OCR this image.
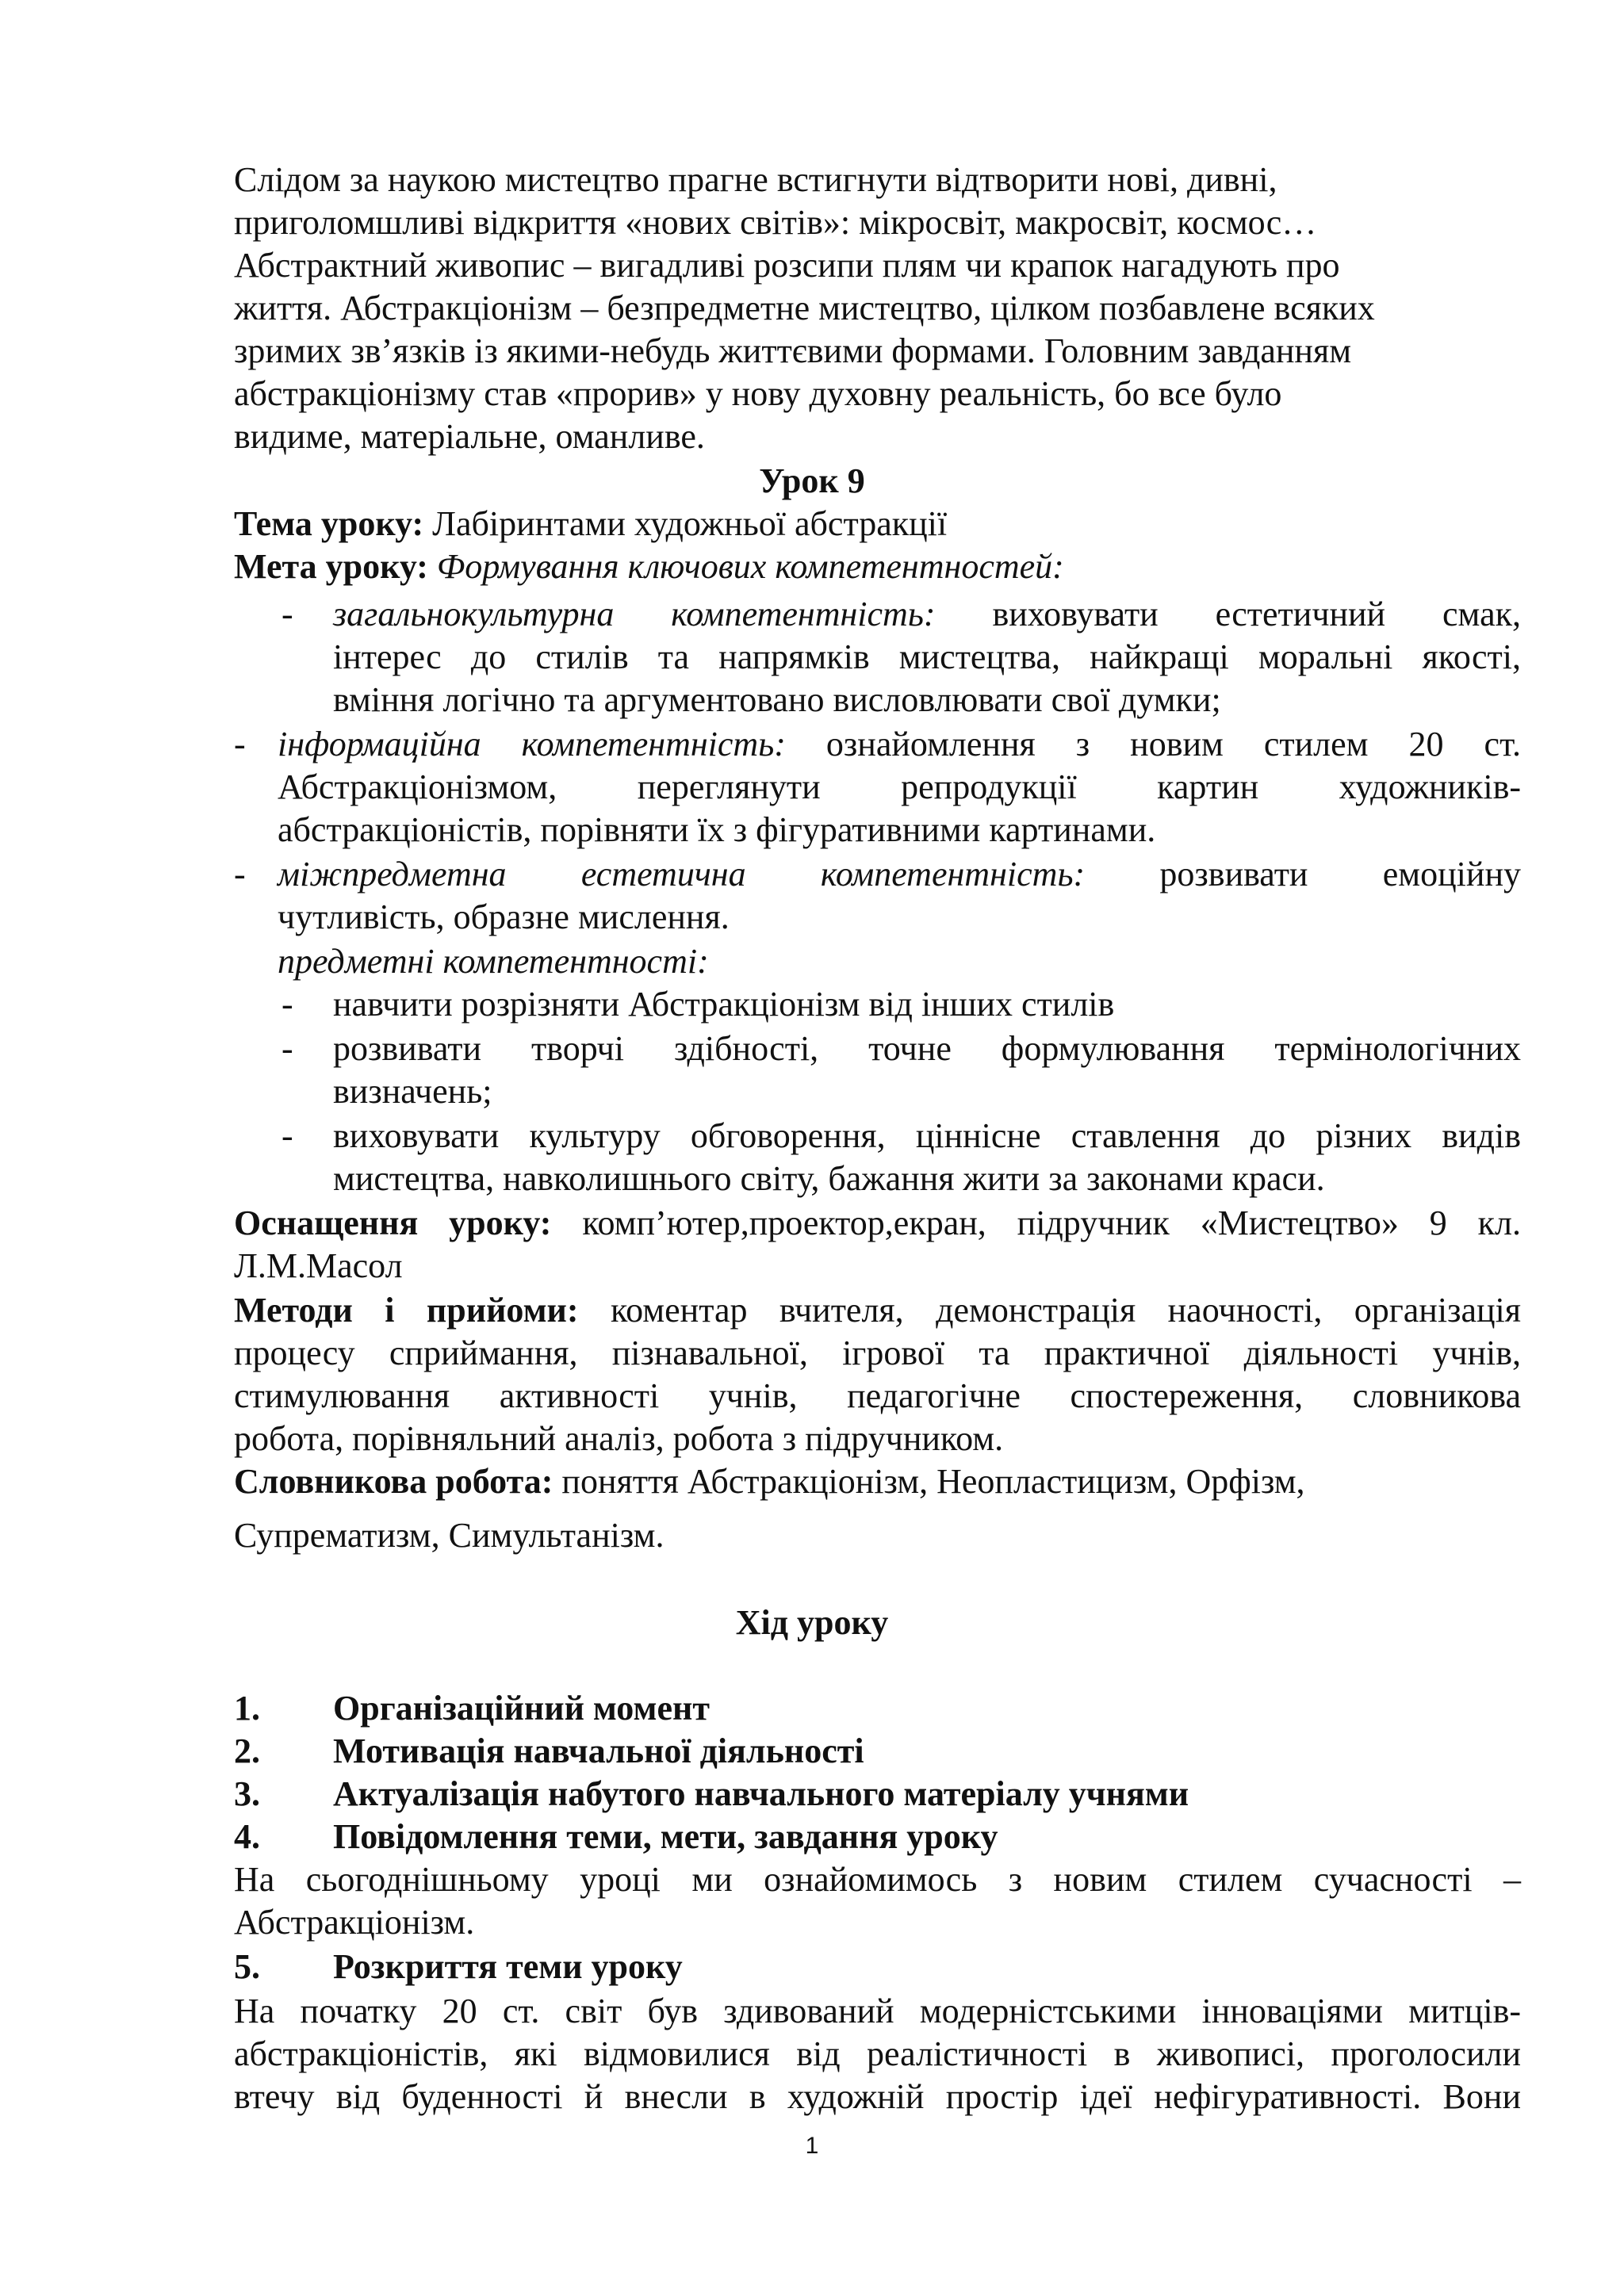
Слідом за наукою мистецтво прагне встигнути відтворити нові, дивні,
приголомшливі відкриття «нових світів»: мікросвіт, макросвіт, космос…
Абстрактний живопис – вигадливі розсипи плям чи крапок нагадують про
життя. Абстракціонізм – безпредметне мистецтво, цілком позбавлене всяких
зримих зв’язків із якими-небудь життєвими формами. Головним завданням
абстракціонізму став «прорив» у нову духовну реальність, бо все було
видиме, матеріальне, оманливе.
Урок 9
Тема уроку: Лабіринтами художньої абстракції
Мета уроку: Формування ключових компетентностей:
- загальнокультурна компетентність: виховувати естетичний смак,
інтерес до стилів та напрямків мистецтва, найкращі моральні якості,
вміння логічно та аргументовано висловлювати свої думки;
- інформаційна компетентність: ознайомлення з новим стилем 20 ст.
Абстракціонізмом, переглянути репродукції картин художників-
абстракціоністів, порівняти їх з фігуративними картинами.
- міжпредметна естетична компетентність: розвивати емоційну
чутливість, образне мислення.
предметні компетентності:
- навчити розрізняти Абстракціонізм від інших стилів
- розвивати творчі здібності, точне формулювання термінологічних
визначень;
- виховувати культуру обговорення, ціннісне ставлення до різних видів
мистецтва, навколишнього світу, бажання жити за законами краси.
Оснащення уроку: комп’ютер,проектор,екран, підручник «Мистецтво» 9 кл.
Л.М.Масол
Методи і прийоми: коментар вчителя, демонстрація наочності, організація
процесу сприймання, пізнавальної, ігрової та практичної діяльності учнів,
стимулювання активності учнів, педагогічне спостереження, словникова
робота, порівняльний аналіз, робота з підручником.
Словникова робота: поняття Абстракціонізм, Неопластицизм, Орфізм,
Супрематизм, Симультанізм.
Хід уроку
1. Організаційний момент
2. Мотивація навчальної діяльності
3. Актуалізація набутого навчального матеріалу учнями
4. Повідомлення теми, мети, завдання уроку
На сьогоднішньому уроці ми ознайомимось з новим стилем сучасності –
Абстракціонізм.
5. Розкриття теми уроку
На початку 20 ст. світ був здивований модерністськими інноваціями митців-
абстракціоністів, які відмовилися від реалістичності в живописі, проголосили
втечу від буденності й внесли в художній простір ідеї нефігуративності. Вони
1
